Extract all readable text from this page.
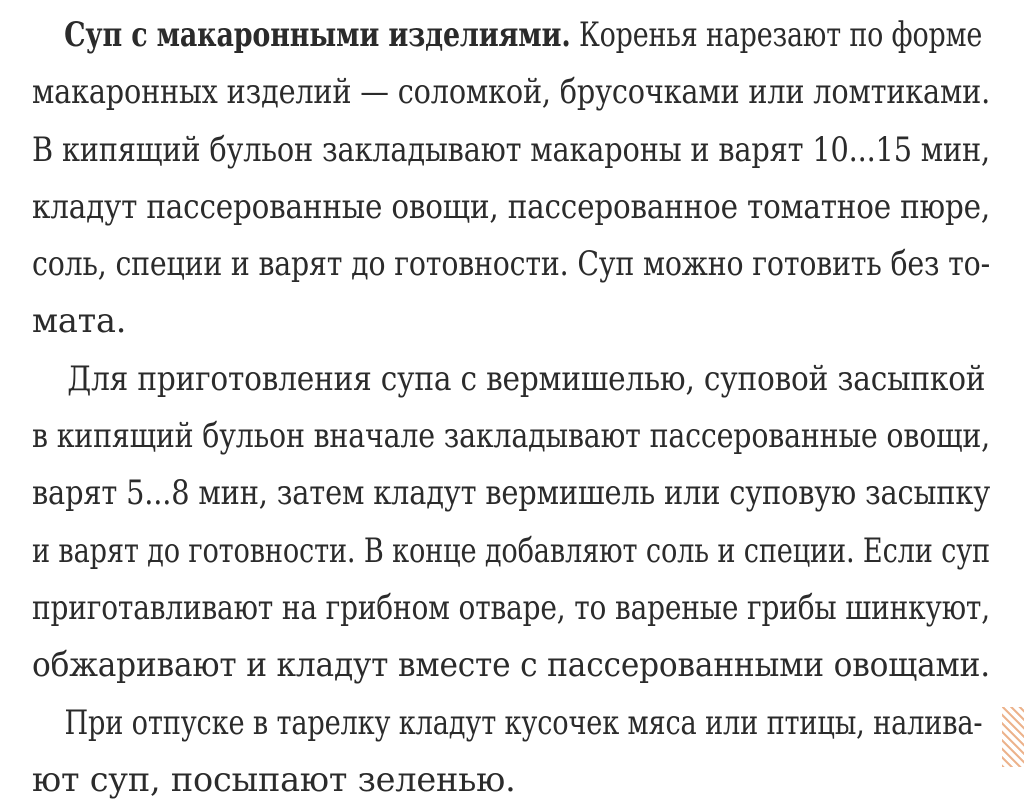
Суп с макаронными изделиями. Коренья нарезают по форме
макаронных изделий — соломкой, брусочками или ломтиками.
В кипящий бульон закладывают макароны и варят 10...15 мин,
кладут пассерованные овощи, пассерованное томатное пюре,
соль, специи и варят до готовности. Суп можно готовить без то-
мата.
Для приготовления супа с вермишелью, суповой засыпкой
в кипящий бульон вначале закладывают пассерованные овощи,
варят 5...8 мин, затем кладут вермишель или суповую засыпку
и варят до готовности. В конце добавляют соль и специи. Если суп
приготавливают на грибном отваре, то вареные грибы шинкуют,
обжаривают и кладут вместе с пассерованными овощами.
При отпуске в тарелку кладут кусочек мяса или птицы, налива-
ют суп, посыпают зеленью.
